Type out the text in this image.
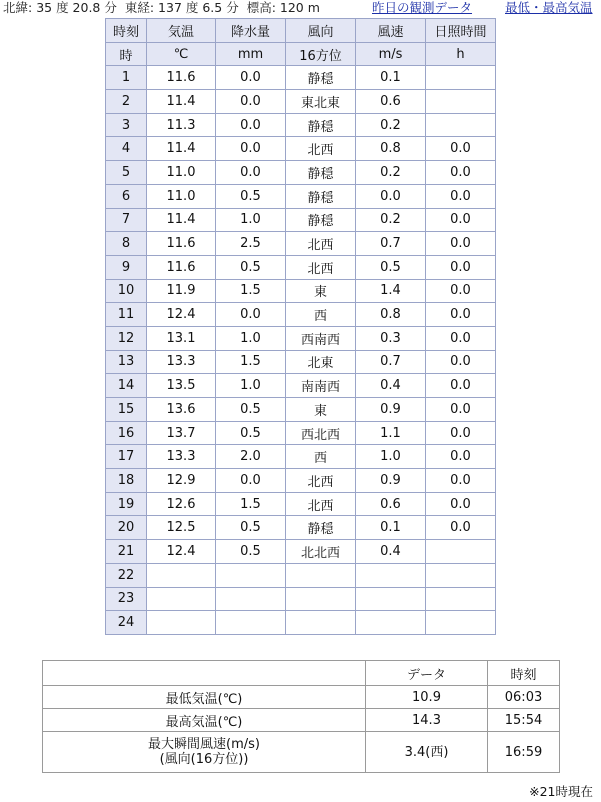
北緯: 35 度 20.8 分 東経: 137 度 6.5 分 標高: 120 m	昨日の観測データ	最低・最高気温
時刻	気温	降水量	風向	風速	日照時間
時	℃	mm	16方位	m/s	h
1	11.6	0.0	静穏	0.1	
2	11.4	0.0	東北東	0.6	
3	11.3	0.0	静穏	0.2	
4	11.4	0.0	北西	0.8	0.0
5	11.0	0.0	静穏	0.2	0.0
6	11.0	0.5	静穏	0.0	0.0
7	11.4	1.0	静穏	0.2	0.0
8	11.6	2.5	北西	0.7	0.0
9	11.6	0.5	北西	0.5	0.0
10	11.9	1.5	東	1.4	0.0
11	12.4	0.0	西	0.8	0.0
12	13.1	1.0	西南西	0.3	0.0
13	13.3	1.5	北東	0.7	0.0
14	13.5	1.0	南南西	0.4	0.0
15	13.6	0.5	東	0.9	0.0
16	13.7	0.5	西北西	1.1	0.0
17	13.3	2.0	西	1.0	0.0
18	12.9	0.0	北西	0.9	0.0
19	12.6	1.5	北西	0.6	0.0
20	12.5	0.5	静穏	0.1	0.0
21	12.4	0.5	北北西	0.4	
22					
23					
24					
	データ	時刻
最低気温(℃)	10.9	06:03
最高気温(℃)	14.3	15:54
最大瞬間風速(m/s)
(風向(16方位))	3.4(西)	16:59
※21時現在
